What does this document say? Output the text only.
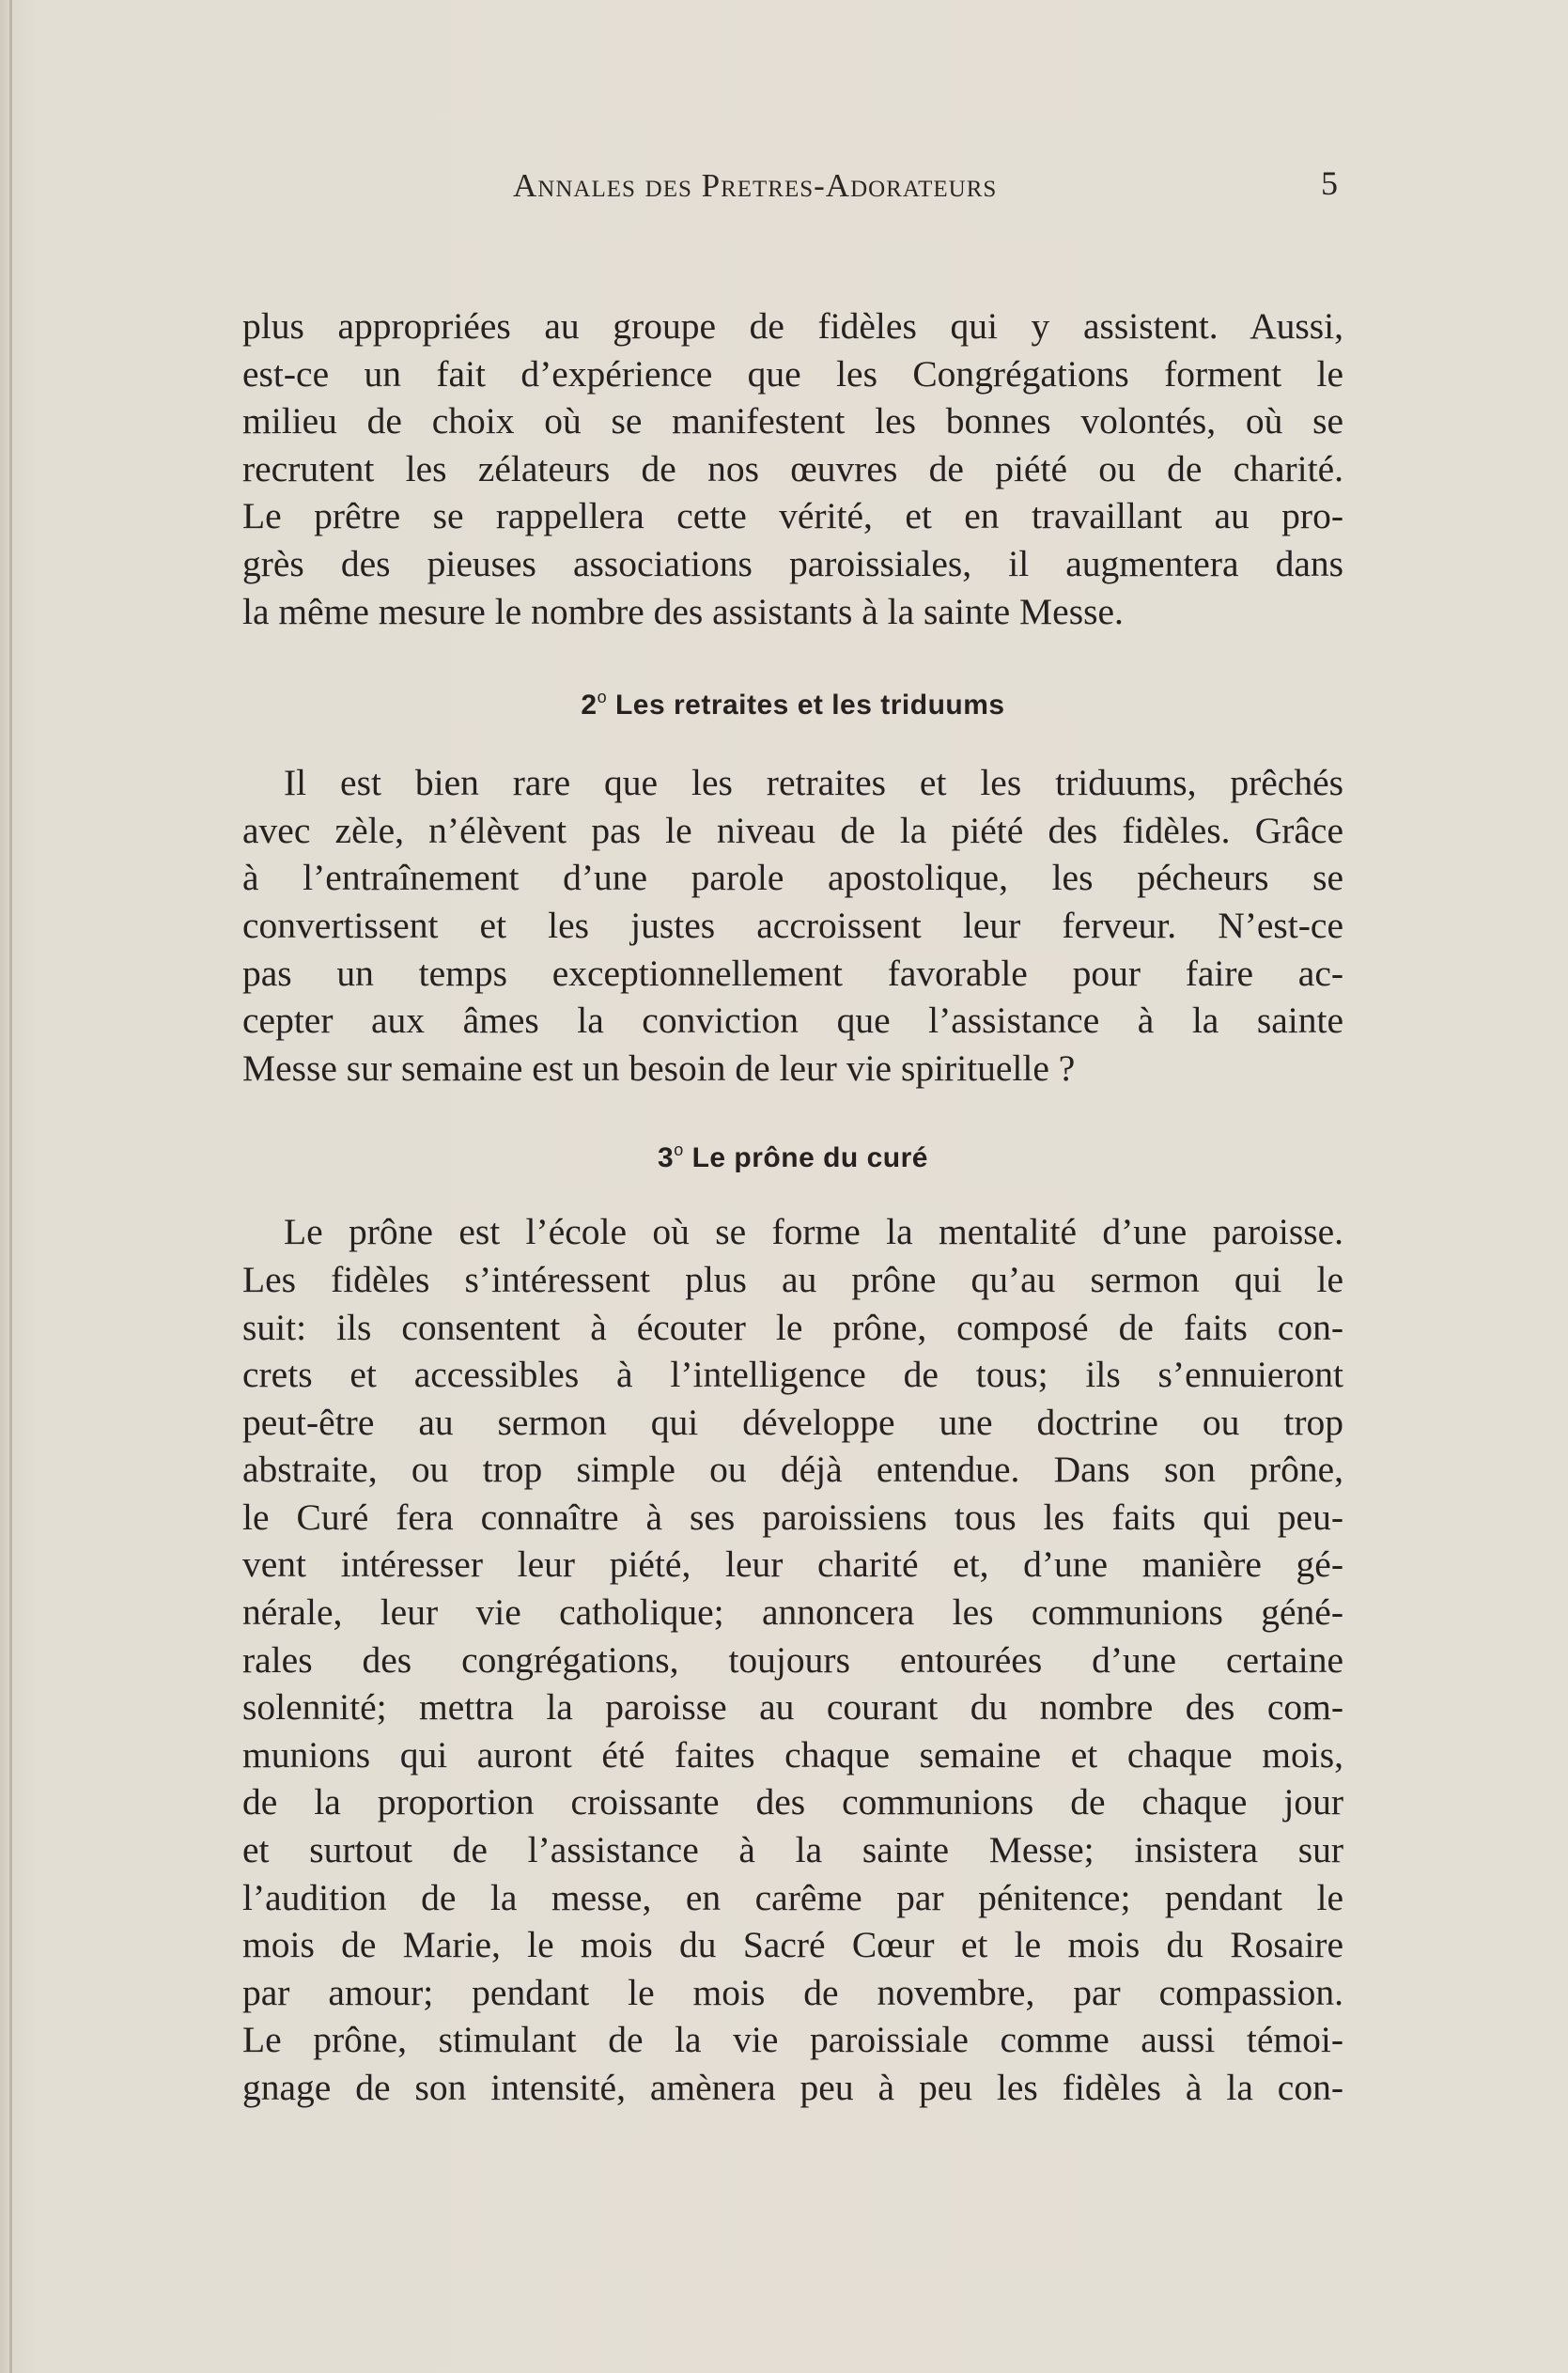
Annales des Pretres-Adorateurs	5
plus appropriées au groupe de fidèles qui y assistent. Aussi,
est-ce un fait d’expérience que les Congrégations forment le
milieu de choix où se manifestent les bonnes volontés, où se
recrutent les zélateurs de nos œuvres de piété ou de charité.
Le prêtre se rappellera cette vérité, et en travaillant au pro-
grès des pieuses associations paroissiales, il augmentera dans
la même mesure le nombre des assistants à la sainte Messe.
2$^o$ Les retraites et les triduums
Il est bien rare que les retraites et les triduums, prêchés
avec zèle, n’élèvent pas le niveau de la piété des fidèles. Grâce
à l’entraînement d’une parole apostolique, les pécheurs se
convertissent et les justes accroissent leur ferveur. N’est-ce
pas un temps exceptionnellement favorable pour faire ac-
cepter aux âmes la conviction que l’assistance à la sainte
Messe sur semaine est un besoin de leur vie spirituelle ?
3$^o$ Le prône du curé
Le prône est l’école où se forme la mentalité d’une paroisse.
Les fidèles s’intéressent plus au prône qu’au sermon qui le
suit: ils consentent à écouter le prône, composé de faits con-
crets et accessibles à l’intelligence de tous; ils s’ennuieront
peut-être au sermon qui développe une doctrine ou trop
abstraite, ou trop simple ou déjà entendue. Dans son prône,
le Curé fera connaître à ses paroissiens tous les faits qui peu-
vent intéresser leur piété, leur charité et, d’une manière gé-
nérale, leur vie catholique; annoncera les communions géné-
rales des congrégations, toujours entourées d’une certaine
solennité; mettra la paroisse au courant du nombre des com-
munions qui auront été faites chaque semaine et chaque mois,
de la proportion croissante des communions de chaque jour
et surtout de l’assistance à la sainte Messe; insistera sur
l’audition de la messe, en carême par pénitence; pendant le
mois de Marie, le mois du Sacré Cœur et le mois du Rosaire
par amour; pendant le mois de novembre, par compassion.
Le prône, stimulant de la vie paroissiale comme aussi témoi-
gnage de son intensité, amènera peu à peu les fidèles à la con-
